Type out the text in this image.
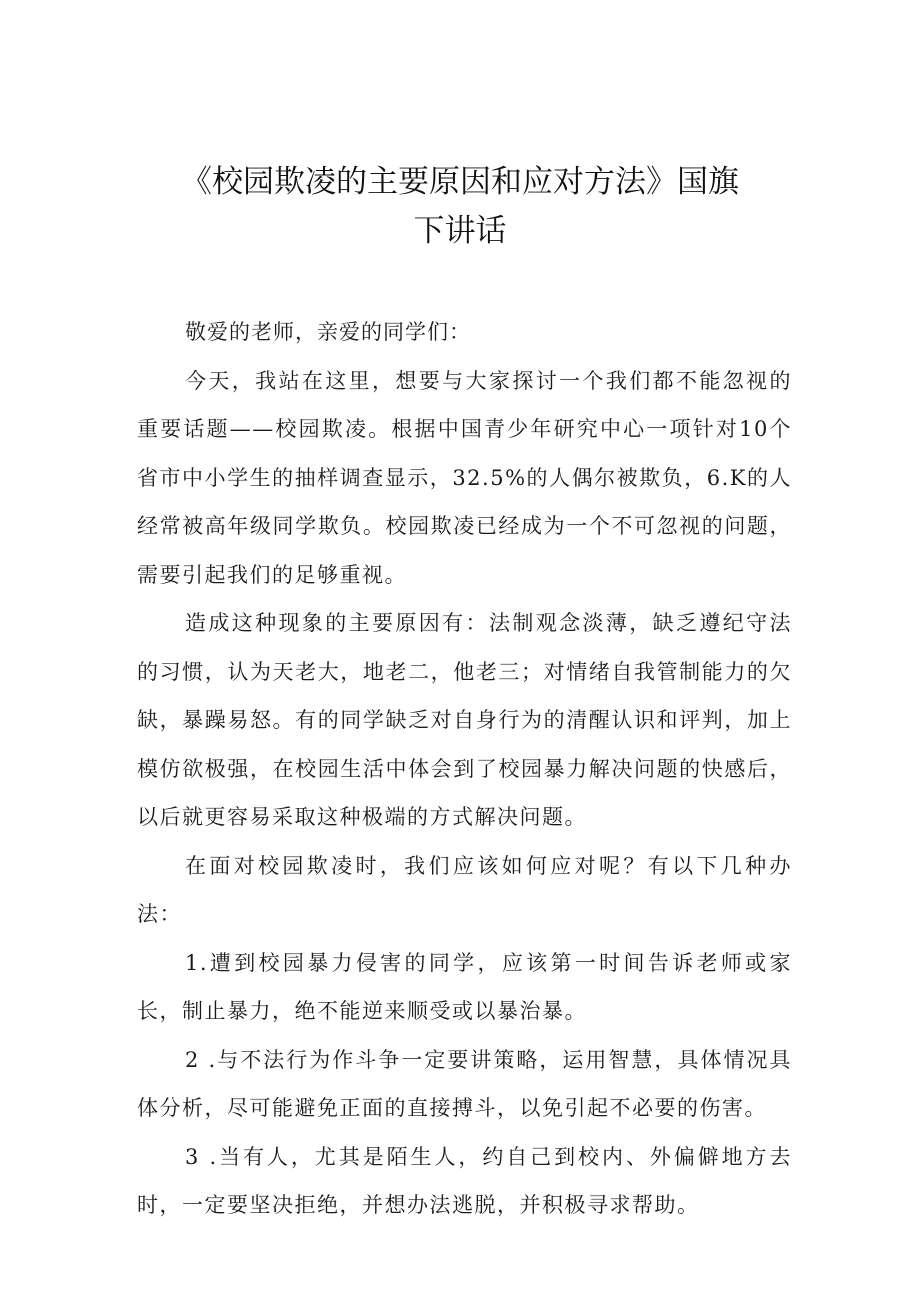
《校园欺凌的主要原因和应对方法》国旗
下讲话

敬爱的老师，亲爱的同学们：

今天，我站在这里，想要与大家探讨一个我们都不能忽视的重要话题——校园欺凌。根据中国青少年研究中心一项针对10个省市中小学生的抽样调查显示，32.5%的人偶尔被欺负，6.K的人经常被高年级同学欺负。校园欺凌已经成为一个不可忽视的问题，需要引起我们的足够重视。

造成这种现象的主要原因有：法制观念淡薄，缺乏遵纪守法的习惯，认为天老大，地老二，他老三；对情绪自我管制能力的欠缺，暴躁易怒。有的同学缺乏对自身行为的清醒认识和评判，加上模仿欲极强，在校园生活中体会到了校园暴力解决问题的快感后，以后就更容易采取这种极端的方式解决问题。

在面对校园欺凌时，我们应该如何应对呢？有以下几种办法：

1.遭到校园暴力侵害的同学，应该第一时间告诉老师或家长，制止暴力，绝不能逆来顺受或以暴治暴。

2 .与不法行为作斗争一定要讲策略，运用智慧，具体情况具体分析，尽可能避免正面的直接搏斗，以免引起不必要的伤害。

3 .当有人，尤其是陌生人，约自己到校内、外偏僻地方去时，一定要坚决拒绝，并想办法逃脱，并积极寻求帮助。
